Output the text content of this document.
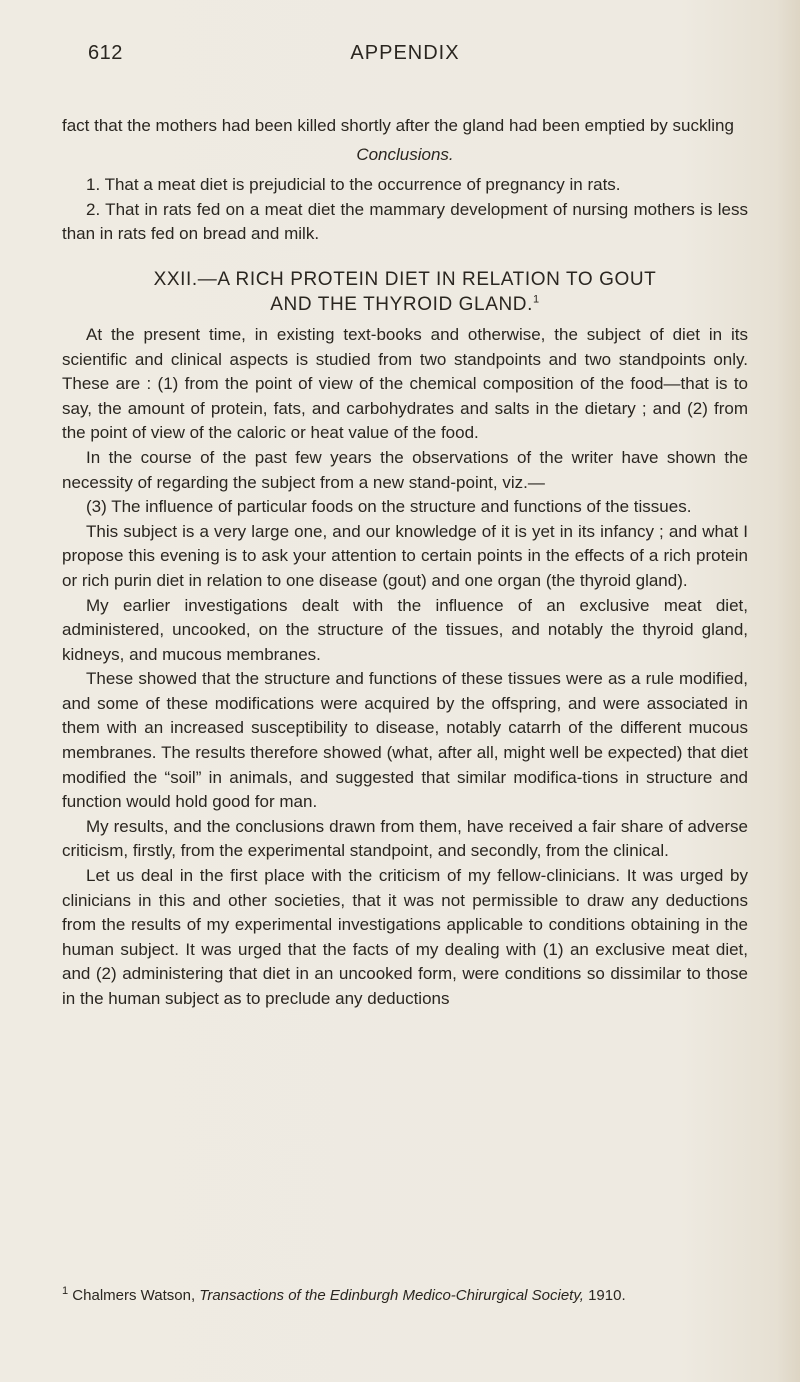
612	APPENDIX

fact that the mothers had been killed shortly after the gland had been emptied by suckling

Conclusions.

1. That a meat diet is prejudicial to the occurrence of pregnancy in rats.

2. That in rats fed on a meat diet the mammary development of nursing mothers is less than in rats fed on bread and milk.

XXII.—A RICH PROTEIN DIET IN RELATION TO GOUT
AND THE THYROID GLAND.$^1$

At the present time, in existing text-books and otherwise, the subject of diet in its scientific and clinical aspects is studied from two standpoints and two standpoints only. These are : (1) from the point of view of the chemical composition of the food—that is to say, the amount of protein, fats, and carbohydrates and salts in the dietary ; and (2) from the point of view of the caloric or heat value of the food.

In the course of the past few years the observations of the writer have shown the necessity of regarding the subject from a new stand-point, viz.—

(3) The influence of particular foods on the structure and functions of the tissues.

This subject is a very large one, and our knowledge of it is yet in its infancy ; and what I propose this evening is to ask your attention to certain points in the effects of a rich protein or rich purin diet in relation to one disease (gout) and one organ (the thyroid gland).

My earlier investigations dealt with the influence of an exclusive meat diet, administered, uncooked, on the structure of the tissues, and notably the thyroid gland, kidneys, and mucous membranes.

These showed that the structure and functions of these tissues were as a rule modified, and some of these modifications were acquired by the offspring, and were associated in them with an increased susceptibility to disease, notably catarrh of the different mucous membranes. The results therefore showed (what, after all, might well be expected) that diet modified the “soil” in animals, and suggested that similar modifica-tions in structure and function would hold good for man.

My results, and the conclusions drawn from them, have received a fair share of adverse criticism, firstly, from the experimental standpoint, and secondly, from the clinical.

Let us deal in the first place with the criticism of my fellow-clinicians. It was urged by clinicians in this and other societies, that it was not permissible to draw any deductions from the results of my experimental investigations applicable to conditions obtaining in the human subject. It was urged that the facts of my dealing with (1) an exclusive meat diet, and (2) administering that diet in an uncooked form, were conditions so dissimilar to those in the human subject as to preclude any deductions

$^1$ Chalmers Watson, Transactions of the Edinburgh Medico-Chirurgical Society, 1910.
